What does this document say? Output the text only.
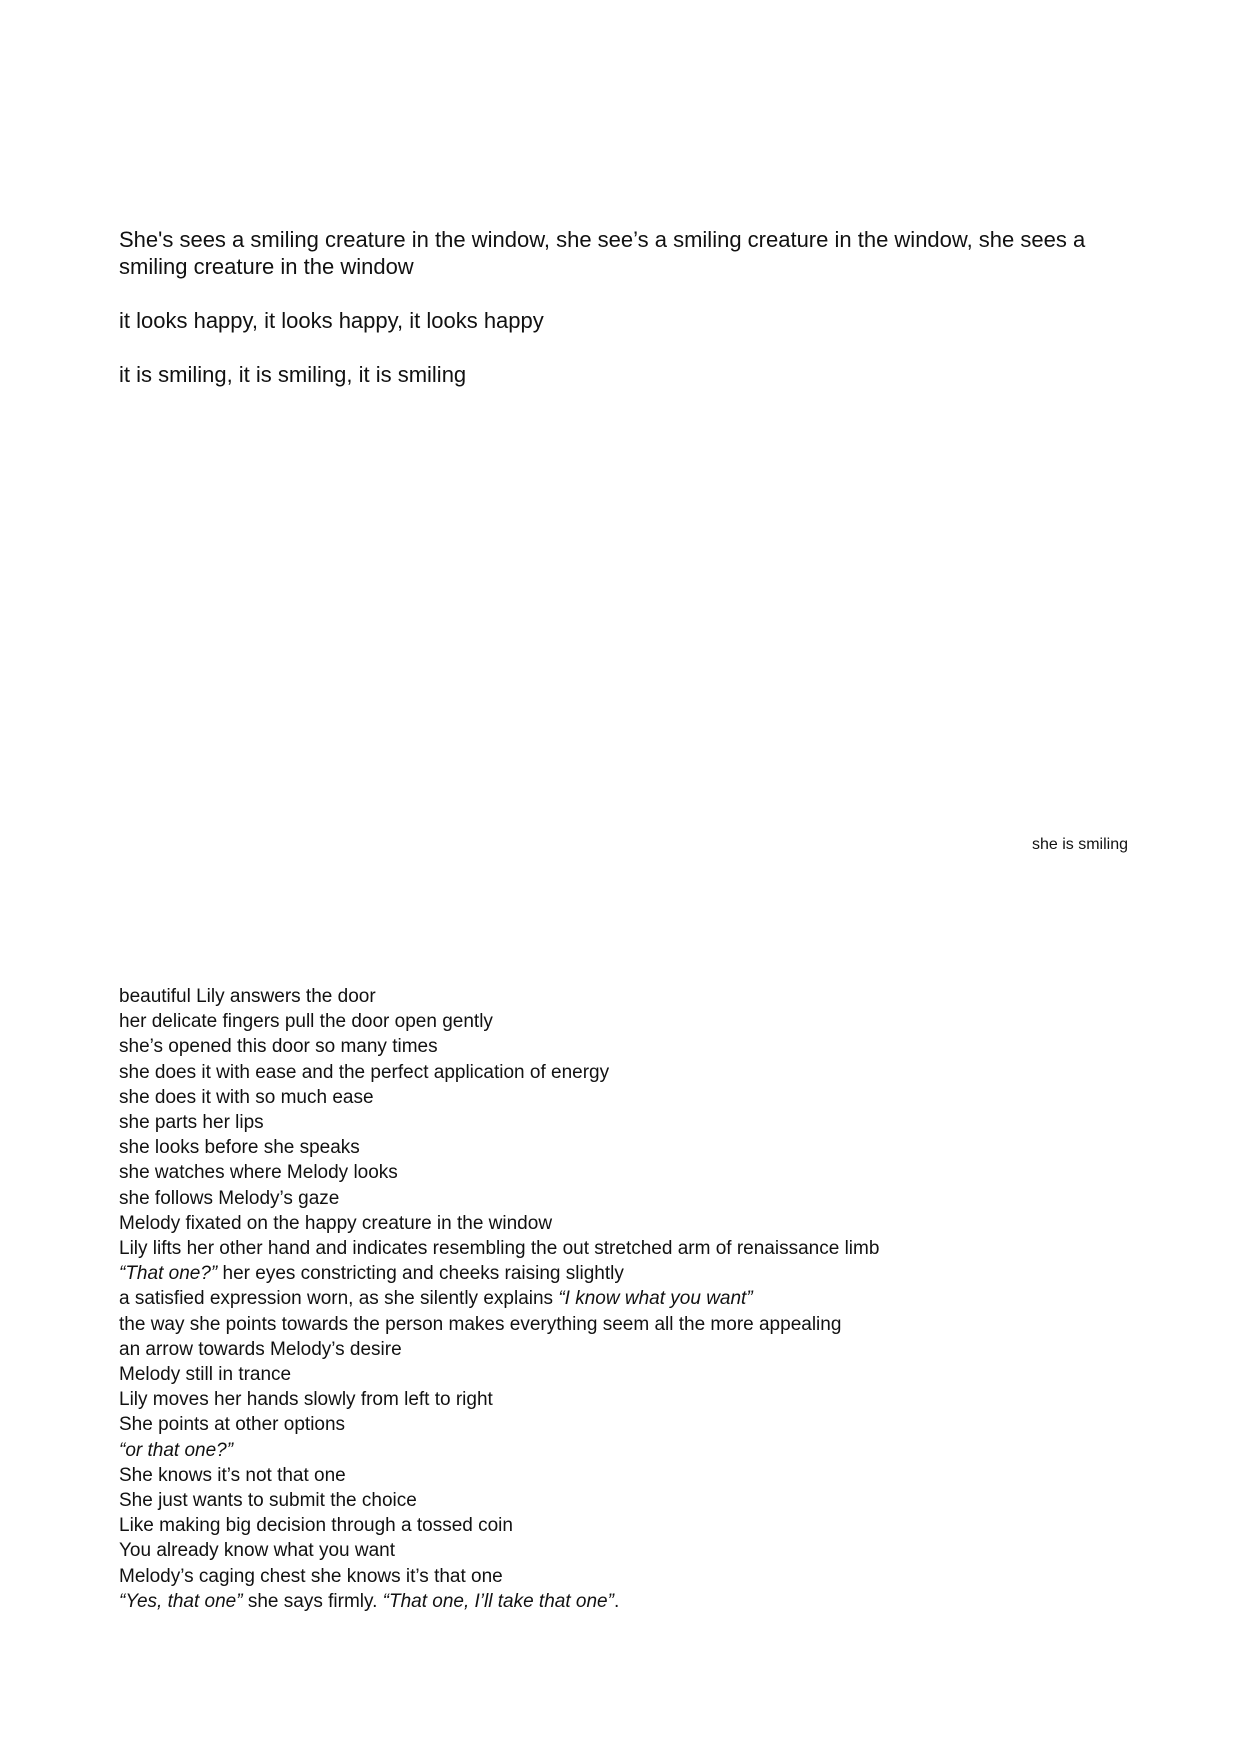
She's sees a smiling creature in the window, she see’s a smiling creature in the window, she sees a smiling creature in the window

it looks happy, it looks happy, it looks happy

it is smiling, it is smiling, it is smiling

she is smiling
beautiful Lily answers the door
her delicate fingers pull the door open gently
she’s opened this door so many times
she does it with ease and the perfect application of energy
she does it with so much ease
she parts her lips
she looks before she speaks
she watches where Melody looks
she follows Melody’s gaze
Melody fixated on the happy creature in the window
Lily lifts her other hand and indicates resembling the out stretched arm of renaissance limb
“That one?” her eyes constricting and cheeks raising slightly
a satisfied expression worn, as she silently explains “I know what you want”
the way she points towards the person makes everything seem all the more appealing
an arrow towards Melody’s desire
Melody still in trance
Lily moves her hands slowly from left to right
She points at other options
“or that one?”
She knows it’s not that one
She just wants to submit the choice
Like making big decision through a tossed coin
You already know what you want
Melody’s caging chest she knows it’s that one
“Yes, that one” she says firmly. “That one, I’ll take that one”.
